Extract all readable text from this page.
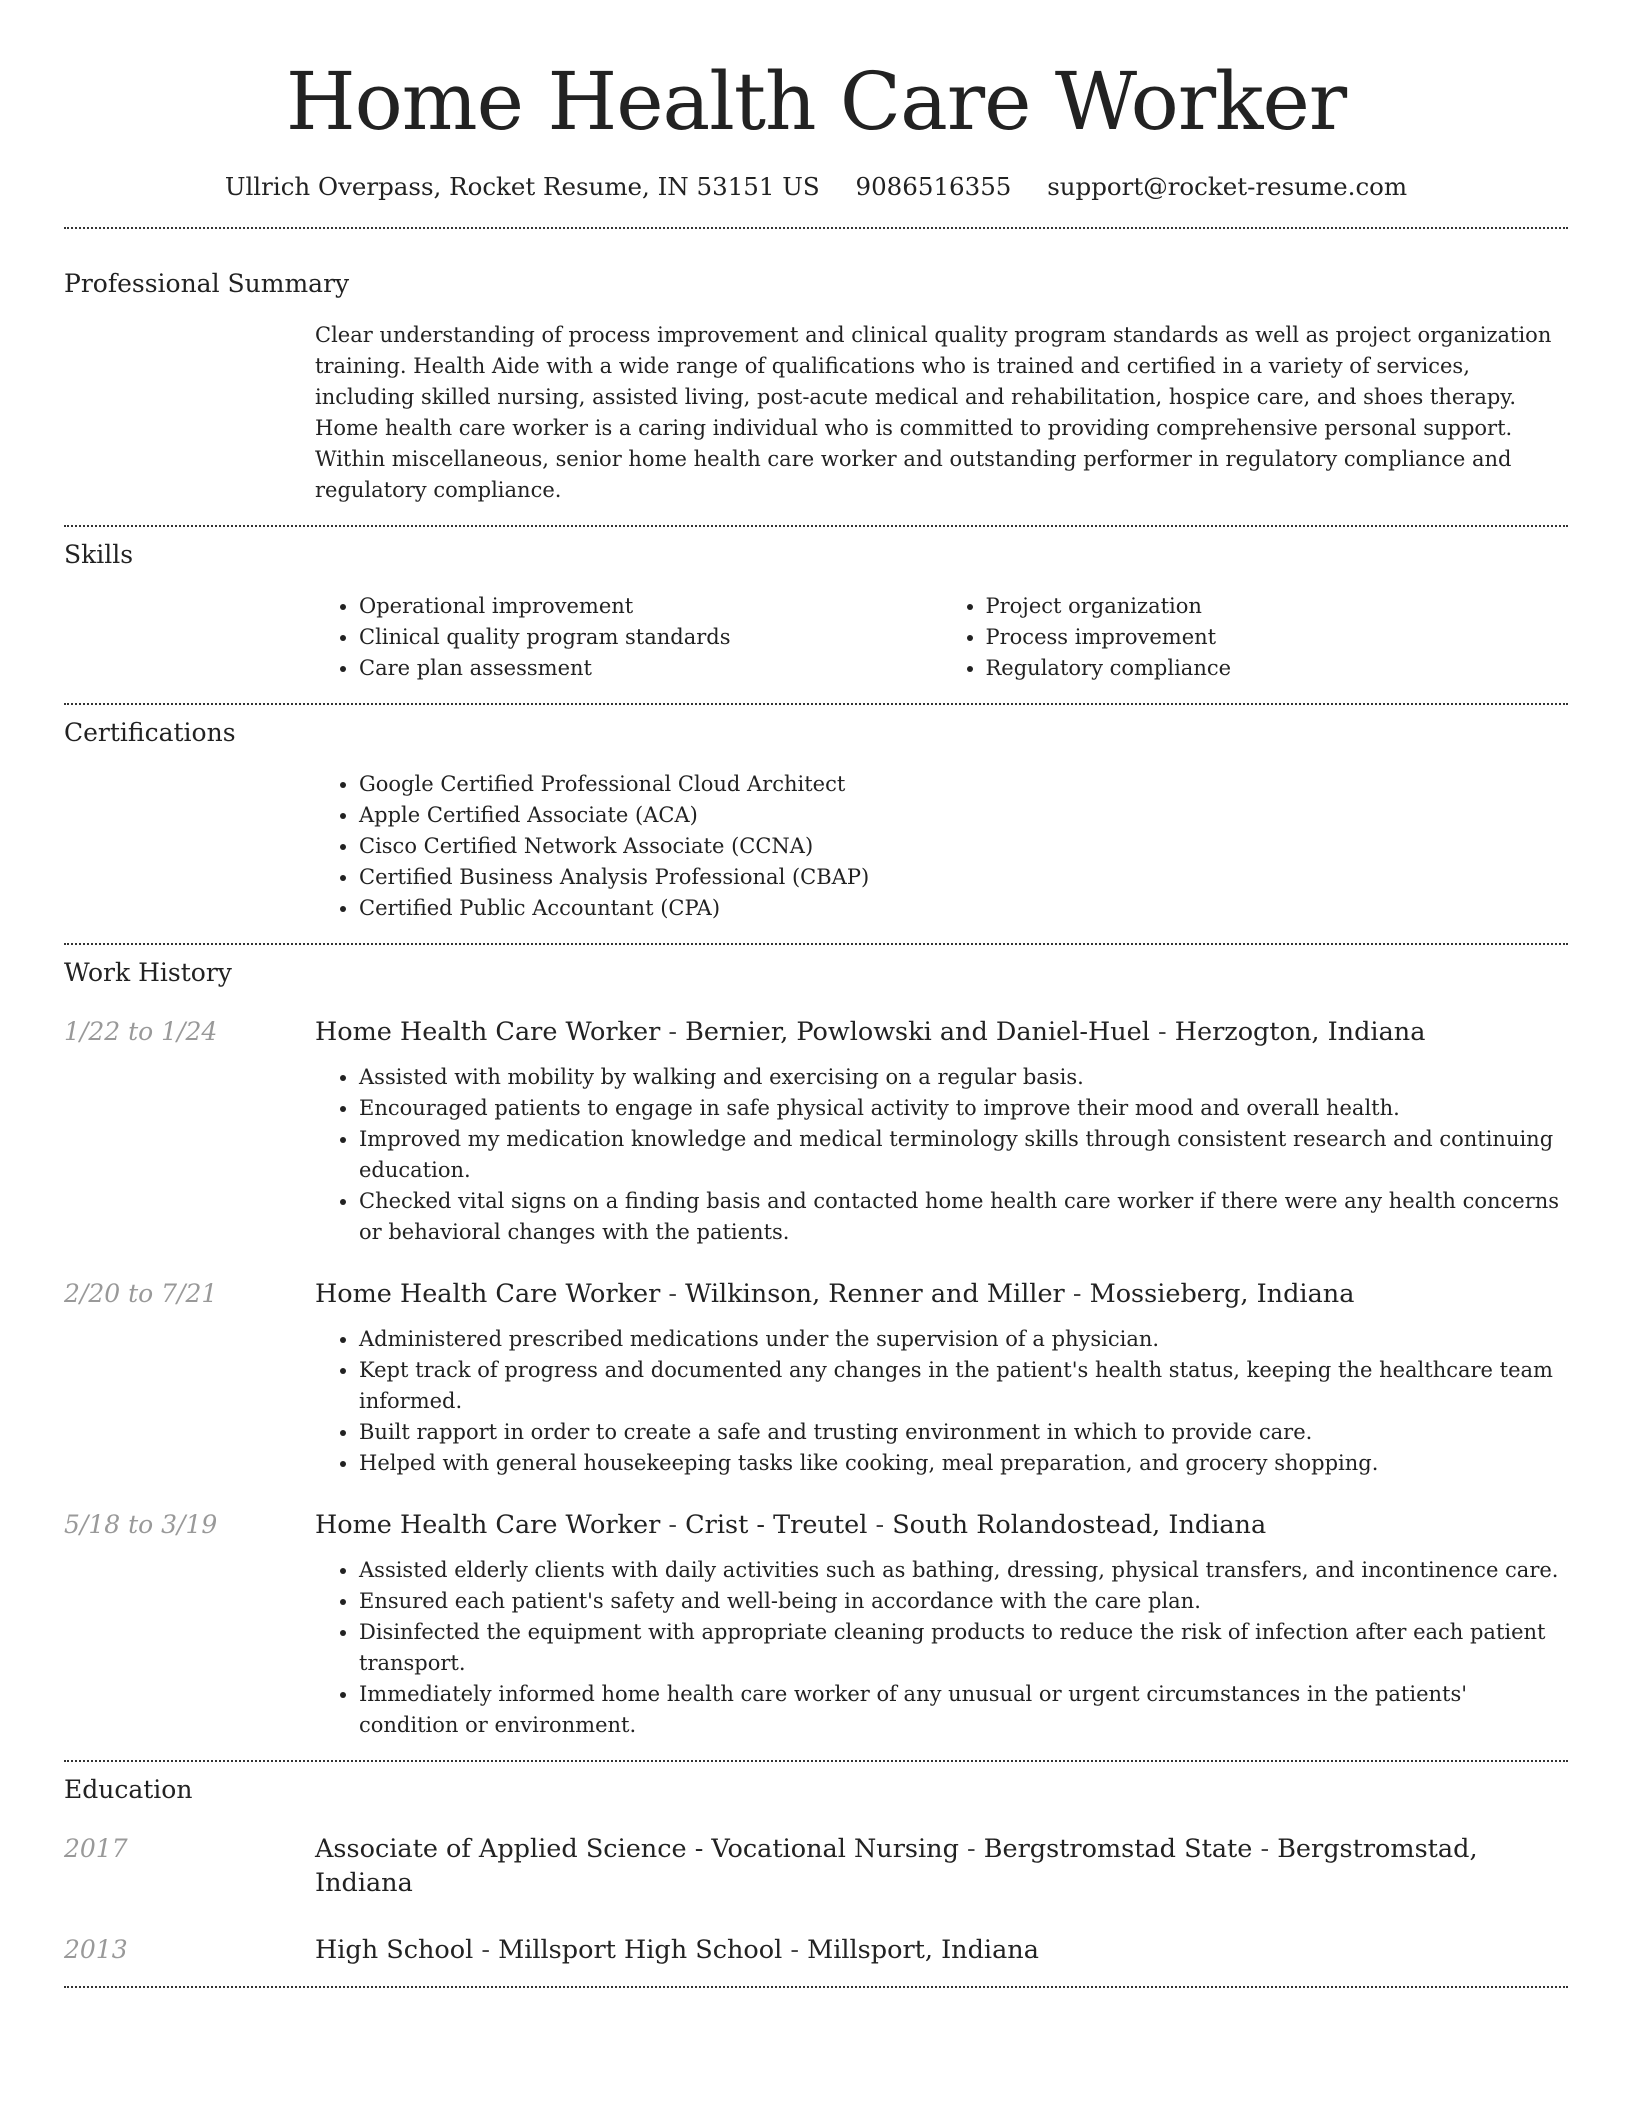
Home Health Care Worker
Ullrich Overpass, Rocket Resume, IN 53151 US 9086516355 support@rocket-resume.com
Professional Summary

Clear understanding of process improvement and clinical quality program standards as well as project organization training. Health Aide with a wide range of qualifications who is trained and certified in a variety of services, including skilled nursing, assisted living, post-acute medical and rehabilitation, hospice care, and shoes therapy. Home health care worker is a caring individual who is committed to providing comprehensive personal support. Within miscellaneous, senior home health care worker and outstanding performer in regulatory compliance and regulatory compliance.

Skills
• Operational improvement
• Clinical quality program standards
• Care plan assessment
• Project organization
• Process improvement
• Regulatory compliance
Certifications
• Google Certified Professional Cloud Architect
• Apple Certified Associate (ACA)
• Cisco Certified Network Associate (CCNA)
• Certified Business Analysis Professional (CBAP)
• Certified Public Accountant (CPA)
Work History
1/22 to 1/24	Home Health Care Worker - Bernier, Powlowski and Daniel-Huel - Herzogton, Indiana
• Assisted with mobility by walking and exercising on a regular basis.
• Encouraged patients to engage in safe physical activity to improve their mood and overall health.
• Improved my medication knowledge and medical terminology skills through consistent research and continuing education.
• Checked vital signs on a finding basis and contacted home health care worker if there were any health concerns or behavioral changes with the patients.
2/20 to 7/21	Home Health Care Worker - Wilkinson, Renner and Miller - Mossieberg, Indiana
• Administered prescribed medications under the supervision of a physician.
• Kept track of progress and documented any changes in the patient's health status, keeping the healthcare team informed.
• Built rapport in order to create a safe and trusting environment in which to provide care.
• Helped with general housekeeping tasks like cooking, meal preparation, and grocery shopping.
5/18 to 3/19	Home Health Care Worker - Crist - Treutel - South Rolandostead, Indiana
• Assisted elderly clients with daily activities such as bathing, dressing, physical transfers, and incontinence care.
• Ensured each patient's safety and well-being in accordance with the care plan.
• Disinfected the equipment with appropriate cleaning products to reduce the risk of infection after each patient transport.
• Immediately informed home health care worker of any unusual or urgent circumstances in the patients' condition or environment.
Education
2017	Associate of Applied Science - Vocational Nursing - Bergstromstad State - Bergstromstad, Indiana
2013	High School - Millsport High School - Millsport, Indiana
